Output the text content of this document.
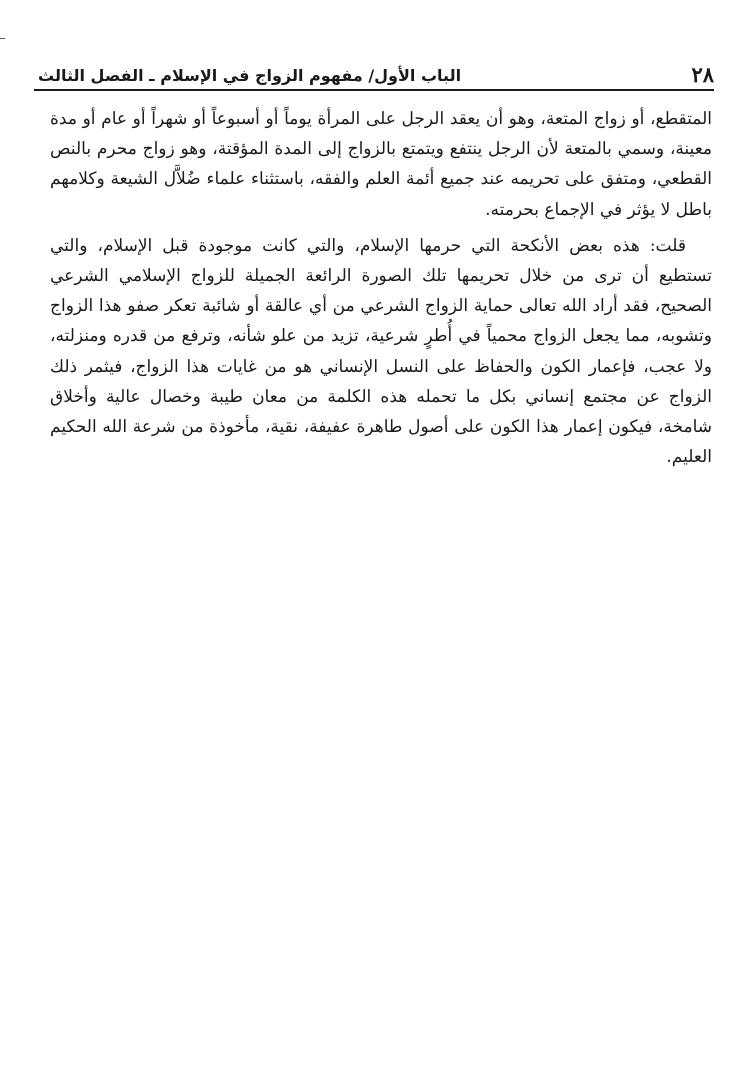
٢٨
الباب الأول/ مفهوم الزواج في الإسلام ـ الفصل الثالث

المتقطع، أو زواج المتعة، وهو أن يعقد الرجل على المرأة يوماً أو أسبوعاً أو شهراً أو عام أو مدة معينة، وسمي بالمتعة لأن الرجل ينتفع ويتمتع بالزواج إلى المدة المؤقتة، وهو زواج محرم بالنص القطعي، ومتفق على تحريمه عند جميع أئمة العلم والفقه، باستثناء علماء ضُلاَّل الشيعة وكلامهم باطل لا يؤثر في الإجماع بحرمته.

قلت: هذه بعض الأنكحة التي حرمها الإسلام، والتي كانت موجودة قبل الإسلام، والتي تستطيع أن ترى من خلال تحريمها تلك الصورة الرائعة الجميلة للزواج الإسلامي الشرعي الصحيح، فقد أراد الله تعالى حماية الزواج الشرعي من أي عالقة أو شائبة تعكر صفو هذا الزواج وتشوبه، مما يجعل الزواج محمياً في أُطرٍ شرعية، تزيد من علو شأنه، وترفع من قدره ومنزلته، ولا عجب، فإعمار الكون والحفاظ على النسل الإنساني هو من غايات هذا الزواج، فيثمر ذلك الزواج عن مجتمع إنساني بكل ما تحمله هذه الكلمة من معان طيبة وخصال عالية وأخلاق شامخة، فيكون إعمار هذا الكون على أصول طاهرة عفيفة، نقية، مأخوذة من شرعة الله الحكيم العليم.
